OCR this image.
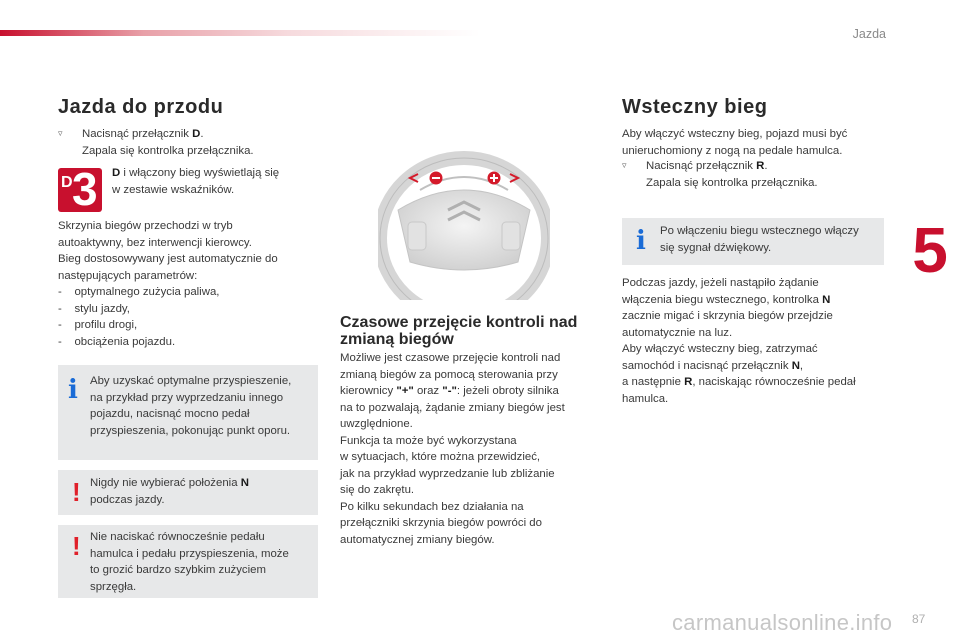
Jazda
5
carmanualsonline.info 87
Jazda do przodu
▿ Nacisnąć przełącznik D.
Zapala się kontrolka przełącznika.
D 3 D i włączony bieg wyświetlają się
w zestawie wskaźników.
Skrzynia biegów przechodzi w tryb
autoaktywny, bez interwencji kierowcy.
Bieg dostosowywany jest automatycznie do
następujących parametrów:
-    optymalnego zużycia paliwa,
-    stylu jazdy,
-    profilu drogi,
-    obciążenia pojazdu.
i Aby uzyskać optymalne przyspieszenie,
na przykład przy wyprzedzaniu innego
pojazdu, nacisnąć mocno pedał
przyspieszenia, pokonując punkt oporu.
! Nigdy nie wybierać położenia N
podczas jazdy.
! Nie naciskać równocześnie pedału
hamulca i pedału przyspieszenia, może
to grozić bardzo szybkim zużyciem
sprzęgła.
Czasowe przejęcie kontroli nad
zmianą biegów
Możliwe jest czasowe przejęcie kontroli nad
zmianą biegów za pomocą sterowania przy
kierownicy "+" oraz "-": jeżeli obroty silnika
na to pozwalają, żądanie zmiany biegów jest
uwzględnione.
Funkcja ta może być wykorzystana
w sytuacjach, które można przewidzieć,
jak na przykład wyprzedzanie lub zbliżanie
się do zakrętu.
Po kilku sekundach bez działania na
przełączniki skrzynia biegów powróci do
automatycznej zmiany biegów.
Wsteczny bieg
Aby włączyć wsteczny bieg, pojazd musi być
unieruchomiony z nogą na pedale hamulca.
▿ Nacisnąć przełącznik R.
Zapala się kontrolka przełącznika.
i Po włączeniu biegu wstecznego włączy
się sygnał dźwiękowy.
Podczas jazdy, jeżeli nastąpiło żądanie
włączenia biegu wstecznego, kontrolka N
zacznie migać i skrzynia biegów przejdzie
automatycznie na luz.
Aby włączyć wsteczny bieg, zatrzymać
samochód i nacisnąć przełącznik N,
a następnie R, naciskając równocześnie pedał
hamulca.
